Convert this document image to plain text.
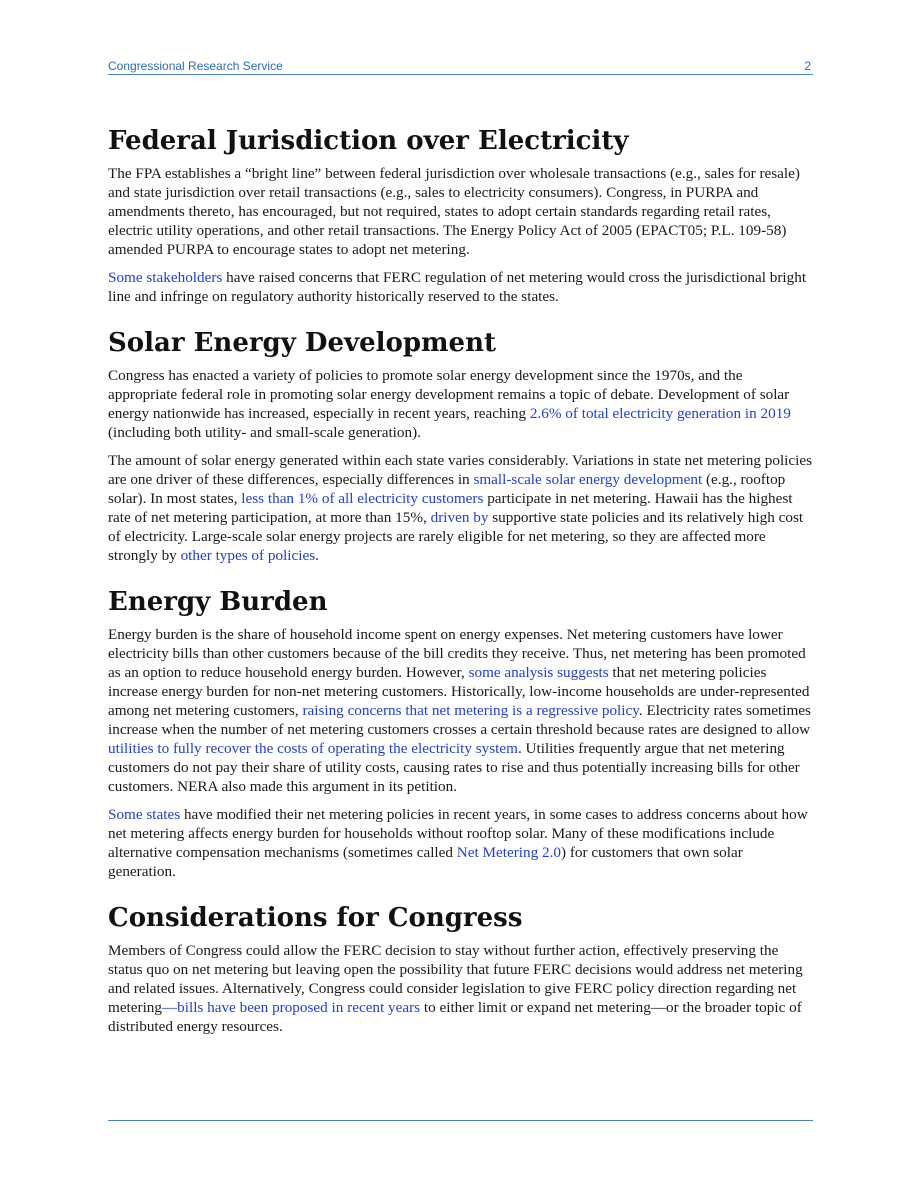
Congressional Research Service	2
Federal Jurisdiction over Electricity

The FPA establishes a “bright line” between federal jurisdiction over wholesale transactions (e.g., sales for resale) and state jurisdiction over retail transactions (e.g., sales to electricity consumers). Congress, in PURPA and amendments thereto, has encouraged, but not required, states to adopt certain standards regarding retail rates, electric utility operations, and other retail transactions. The Energy Policy Act of 2005 (EPACT05; P.L. 109-58) amended PURPA to encourage states to adopt net metering.

Some stakeholders have raised concerns that FERC regulation of net metering would cross the jurisdictional bright line and infringe on regulatory authority historically reserved to the states.

Solar Energy Development

Congress has enacted a variety of policies to promote solar energy development since the 1970s, and the appropriate federal role in promoting solar energy development remains a topic of debate. Development of solar energy nationwide has increased, especially in recent years, reaching 2.6% of total electricity generation in 2019 (including both utility- and small-scale generation).

The amount of solar energy generated within each state varies considerably. Variations in state net metering policies are one driver of these differences, especially differences in small-scale solar energy development (e.g., rooftop solar). In most states, less than 1% of all electricity customers participate in net metering. Hawaii has the highest rate of net metering participation, at more than 15%, driven by supportive state policies and its relatively high cost of electricity. Large-scale solar energy projects are rarely eligible for net metering, so they are affected more strongly by other types of policies.

Energy Burden

Energy burden is the share of household income spent on energy expenses. Net metering customers have lower electricity bills than other customers because of the bill credits they receive. Thus, net metering has been promoted as an option to reduce household energy burden. However, some analysis suggests that net metering policies increase energy burden for non-net metering customers. Historically, low-income households are under-represented among net metering customers, raising concerns that net metering is a regressive policy. Electricity rates sometimes increase when the number of net metering customers crosses a certain threshold because rates are designed to allow utilities to fully recover the costs of operating the electricity system. Utilities frequently argue that net metering customers do not pay their share of utility costs, causing rates to rise and thus potentially increasing bills for other customers. NERA also made this argument in its petition.

Some states have modified their net metering policies in recent years, in some cases to address concerns about how net metering affects energy burden for households without rooftop solar. Many of these modifications include alternative compensation mechanisms (sometimes called Net Metering 2.0) for customers that own solar generation.

Considerations for Congress

Members of Congress could allow the FERC decision to stay without further action, effectively preserving the status quo on net metering but leaving open the possibility that future FERC decisions would address net metering and related issues. Alternatively, Congress could consider legislation to give FERC policy direction regarding net metering—bills have been proposed in recent years to either limit or expand net metering—or the broader topic of distributed energy resources.
